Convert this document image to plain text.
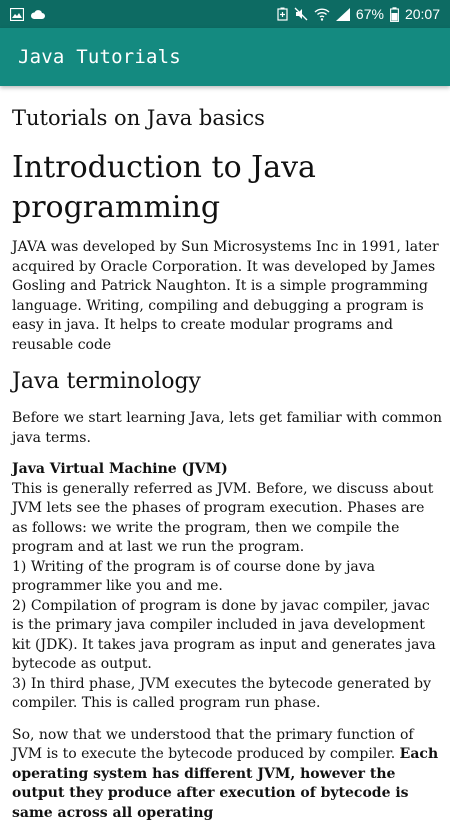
67% 20:07
Java Tutorials
Tutorials on Java basics
Introduction to Java programming

JAVA was developed by Sun Microsystems Inc in 1991, later acquired by Oracle Corporation. It was developed by James Gosling and Patrick Naughton. It is a simple programming language. Writing, compiling and debugging a program is easy in java. It helps to create modular programs and reusable code

Java terminology

Before we start learning Java, lets get familiar with common java terms.

Java Virtual Machine (JVM)
This is generally referred as JVM. Before, we discuss about JVM lets see the phases of program execution. Phases are as follows: we write the program, then we compile the program and at last we run the program.
1) Writing of the program is of course done by java programmer like you and me.
2) Compilation of program is done by javac compiler, javac is the primary java compiler included in java development kit (JDK). It takes java program as input and generates java bytecode as output.
3) In third phase, JVM executes the bytecode generated by compiler. This is called program run phase.

So, now that we understood that the primary function of JVM is to execute the bytecode produced by compiler. Each operating system has different JVM, however the output they produce after execution of bytecode is same across all operating
